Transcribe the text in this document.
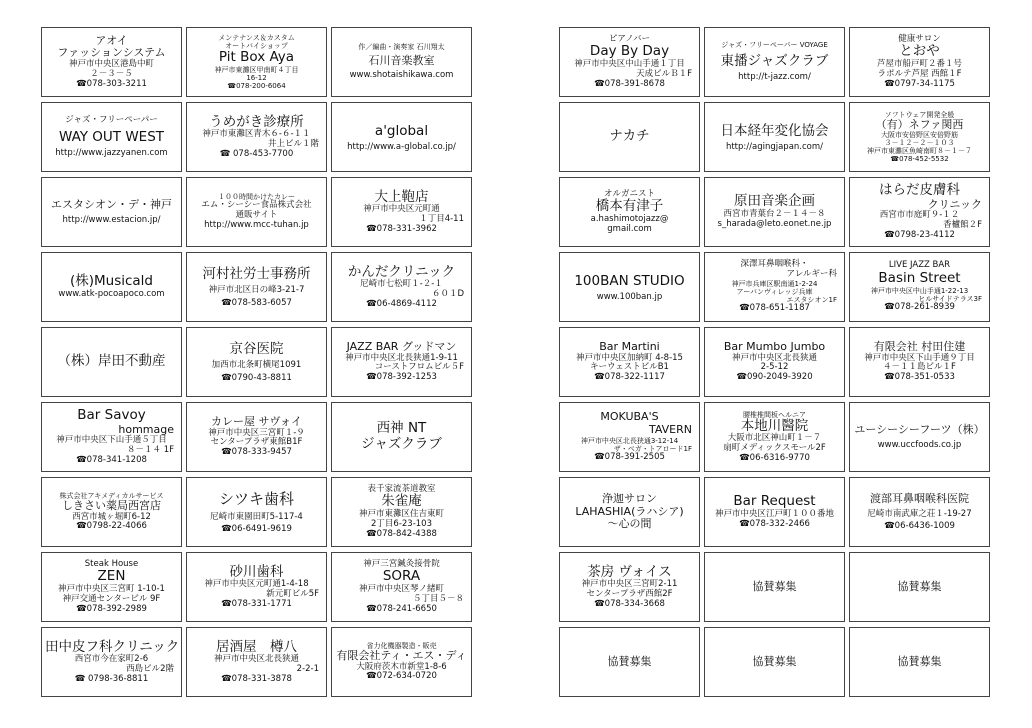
アオイ
ファッションシステム
神戸市中央区港島中町
２－３－５
☎078-303-3211
メンテナンス＆カスタム
オートバイショップ
Pit Box Aya
神戸市東灘区甲南町４丁目
16-12
☎078-200-6064
作／編曲・演奏家 石川翔太
石川音楽教室
www.shotaishikawa.com
ジャズ・フリーペーパー
WAY OUT WEST
http://www.jazzyanen.com
うめがき診療所
神戸市東灘区青木６-６-１１
井上ビル１階
☎ 078-453-7700
a'global
http://www.a-global.co.jp/
エスタシオン・デ・神戸
http://www.estacion.jp/
１００時間かけたカレー
エム・シーシー食品株式会社
通販サイト
http://www.mcc-tuhan.jp
大上鞄店
神戸市中央区元町通
１丁目4-11
☎078-331-3962
(株)Musicald
www.atk-pocoapoco.com
河村社労士事務所
神戸市北区日の峰3-21-7
☎078-583-6057
かんだクリニック
尼崎市七松町１-２-１
６０１D
☎06-4869-4112
（株）岸田不動産
京谷医院
加西市北条町横尾1091
☎0790-43-8811
JAZZ BAR グッドマン
神戸市中央区北長狭通1-9-11
コーストフロムビル５F
☎078-392-1253
Bar Savoy
hommage
神戸市中央区下山手通５丁目
８－１４ 1F
☎078-341-1208
カレー屋 サヴォイ
神戸市中央区三宮町１-９
センタープラザ東館B1F
☎078-333-9457
西神 NT
ジャズクラブ
株式会社アキメディカルサービス
しきさい薬局西宮店
西宮市城ヶ堀町6-12
☎0798-22-4066
シツキ歯科
尼崎市東園田町5-117-4
☎06-6491-9619
表千家流茶道教室
朱雀庵
神戸市東灘区住吉東町
2丁目6-23-103
☎078-842-4388
Steak House
ZEN
神戸市中央区三宮町 1-10-1
神戸交通センタービル 9F
☎078-392-2989
砂川歯科
神戸市中央区元町通1-4-18
新元町ビル5F
☎078-331-1771
神戸三宮鍼灸接骨院
SORA
神戸市中央区琴ノ緒町
５丁目５－８
☎078-241-6650
田中皮フ科クリニック
西宮市今在家町2-6
西島ビル2階
☎ 0798-36-8811
居酒屋　樽八
神戸市中央区北長狭通
2-2-1
☎078-331-3878
省力化機器製造・販売
有限会社ティ・エス・ディ
大阪府茨木市新堂1-8-6
☎072-634-0720
ピアノバー
Day By Day
神戸市中央区中山手通１丁目
天成ビルＢ１F
☎078-391-8678
ジャズ・フリーペーパー VOYAGE
東播ジャズクラブ
http://t-jazz.com/
健康サロン
とおや
芦屋市船戸町２番１号
ラポルテ芦屋 西館１F
☎0797-34-1175
ナカチ	日本経年変化協会
http://agingjapan.com/
ソフトウェア開発全般
（有）ネファ関西
大阪市安倍野区安倍野筋
３－１２－２－１０３
神戸市東灘区魚崎南町８－１－７
☎078-452-5532
オルガニスト
橋本有津子
a.hashimotojazz@
gmail.com
原田音楽企画
西宮市青葉台２－１４－８
s_harada@leto.eonet.ne.jp
はらだ皮膚科
クリニック
西宮市市庭町９-１２
香櫨館２F
☎0798-23-4112
100BAN STUDIO
www.100ban.jp
深澤耳鼻咽喉科・
アレルギー科
神戸市兵庫区駅南通1-2-24
アーバンヴィレッジ兵庫
エスタシオン1F
☎078-651-1187
LIVE JAZZ BAR
Basin Street
神戸市中央区中山手通1-22-13
ヒルサイドテラス3F
☎078-261-8939
Bar Martini
神戸市中央区加納町 4-8-15
キーウェストビルB1
☎078-322-1117
Bar Mumbo Jumbo
神戸市中央区北長狭通
2-5-12
☎090-2049-3920
有限会社 村田住建
神戸市中央区下山手通９丁目
４－１１島ビル１F
☎078-351-0533
MOKUBA'S
TAVERN
神戸市中央区北長狭通3-12-14
ザ・ベガ・トアロード1F
☎078-391-2505
腰椎椎間板ヘルニア
本地川醫院
大阪市北区神山町１－７
扇町メディックスモール2F
☎06-6316-9770
ユーシーシーフーツ（株）
www.uccfoods.co.jp
浄迦サロン
LAHASHIA(ラハシア)
〜心の間
Bar Request
神戸市中央区江戸町１００番地
☎078-332-2466
渡部耳鼻咽喉科医院
尼崎市南武庫之荘１-19-27
☎06-6436-1009
茶房 ヴォイス
神戸市中央区三宮町2-11
センタープラザ西館2F
☎078-334-3668
協賛募集	協賛募集
協賛募集	協賛募集	協賛募集
